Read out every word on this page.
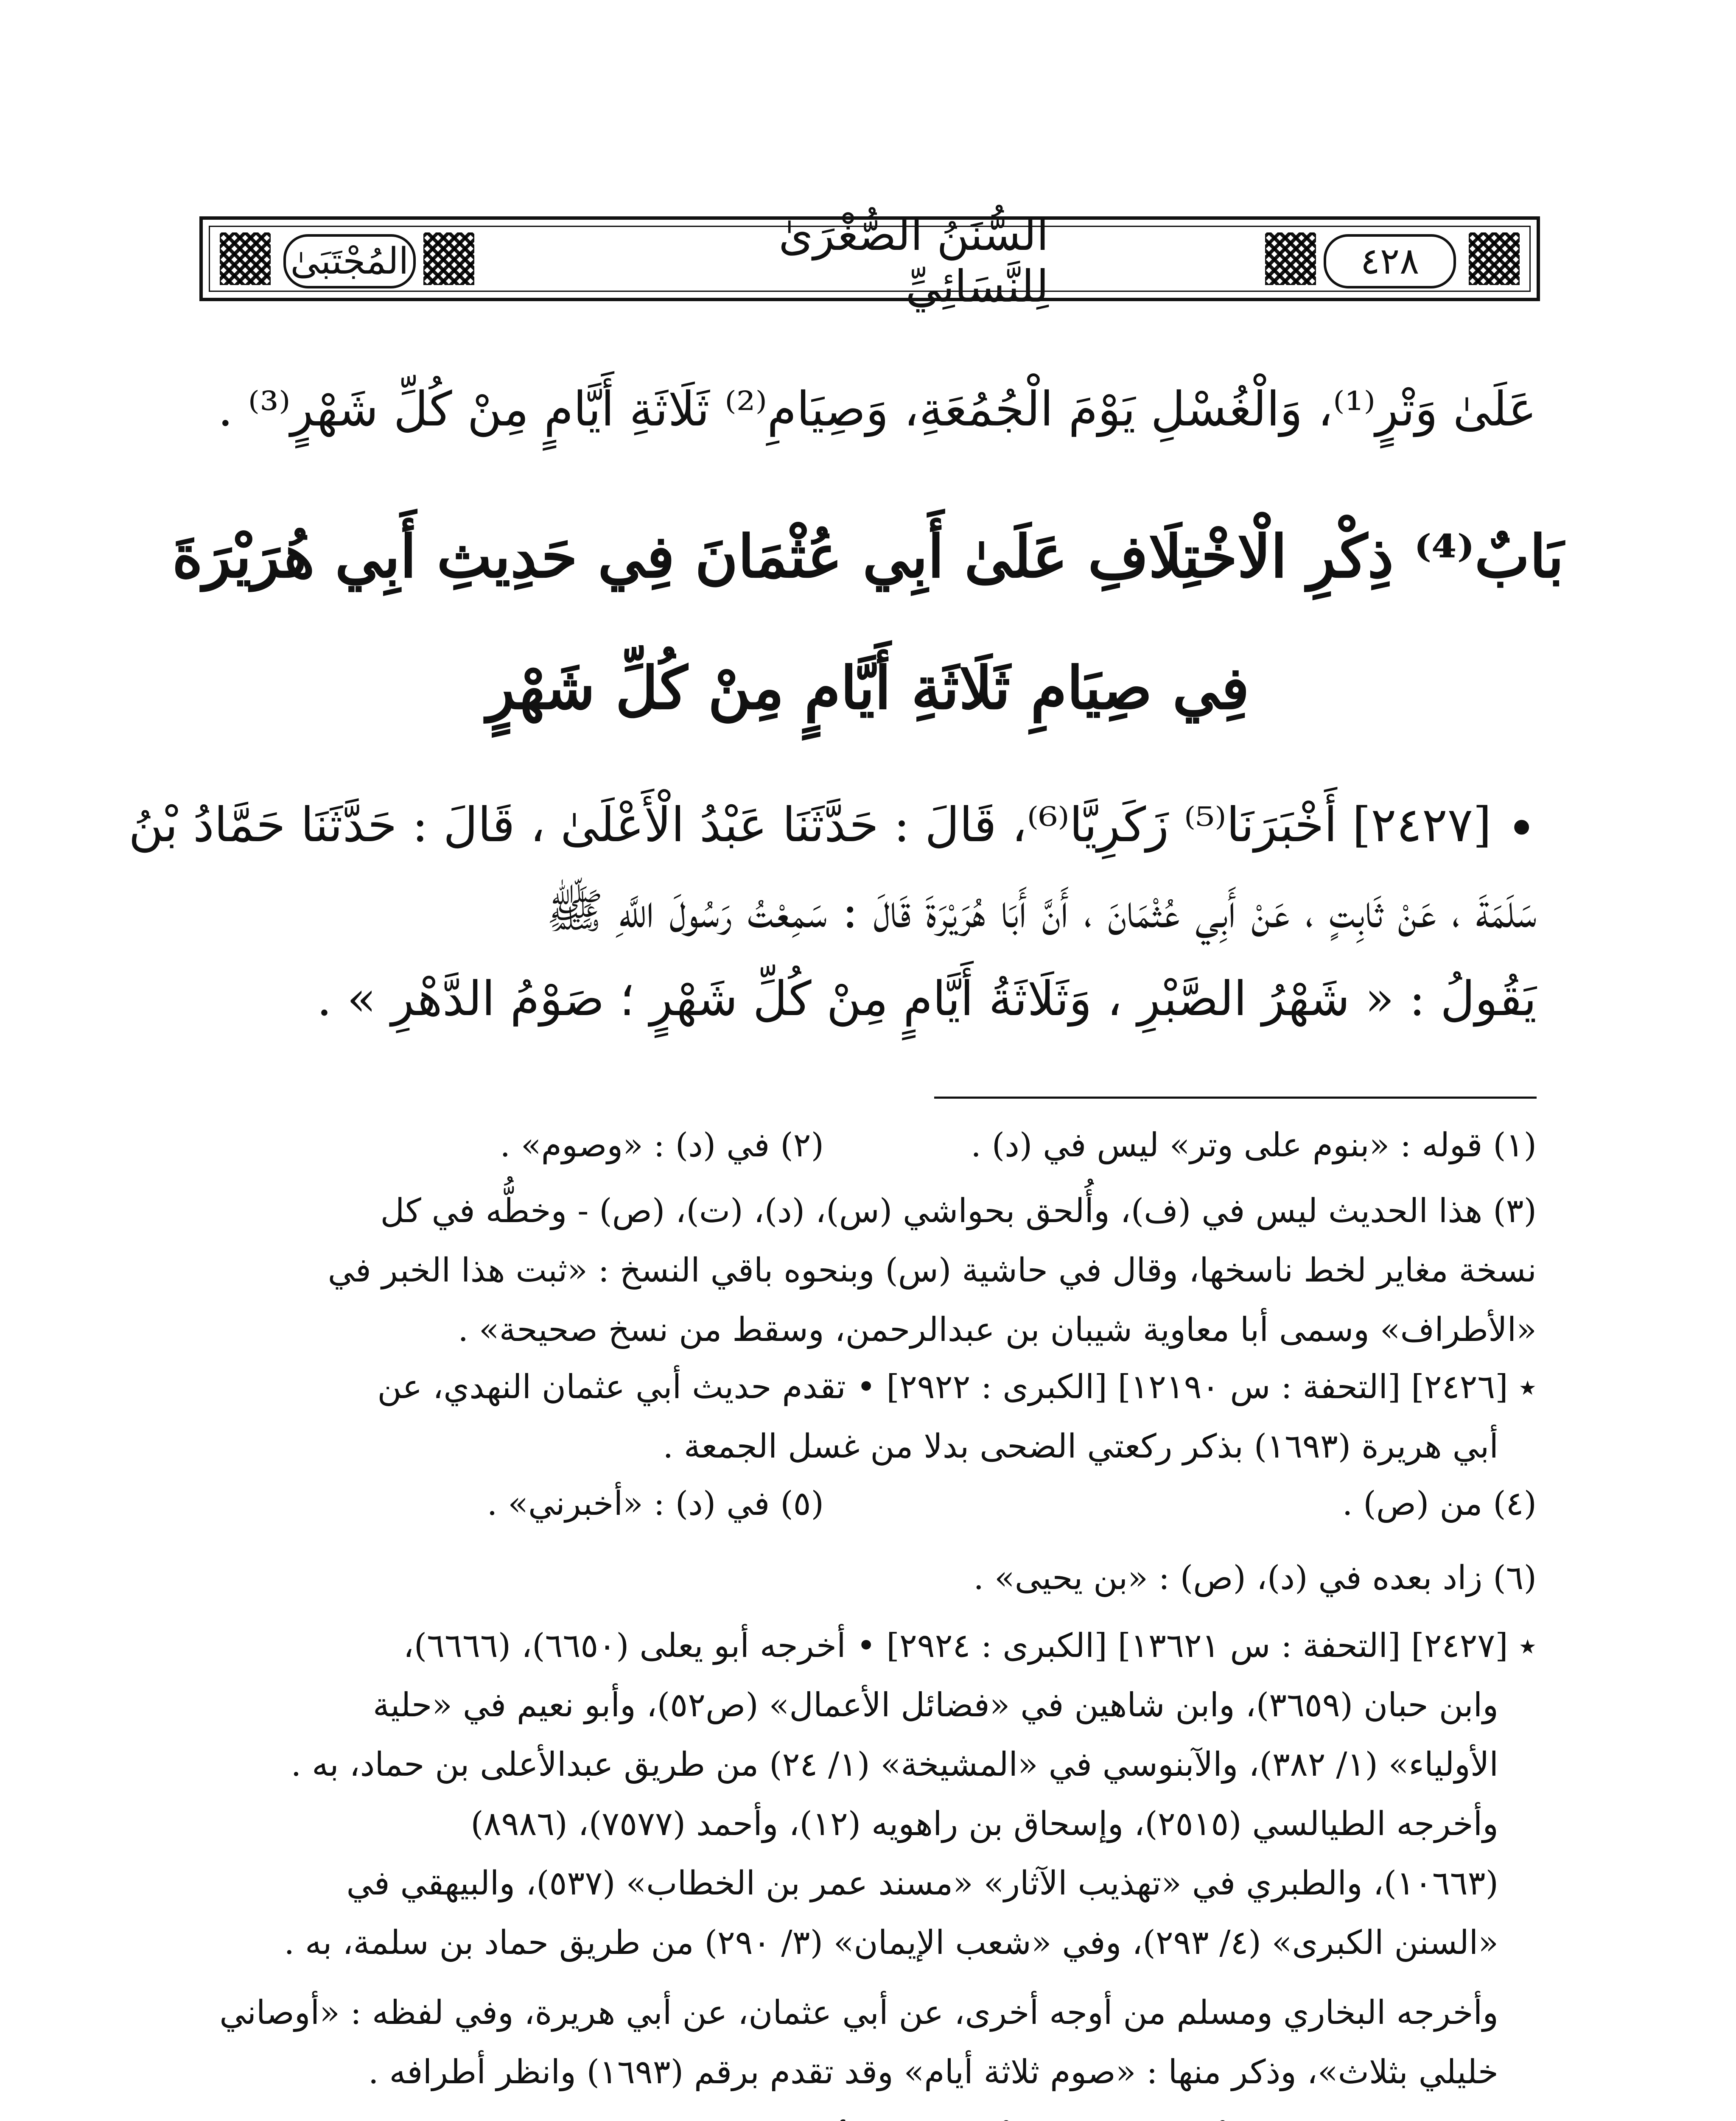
المُجْتَبَىٰ
السُّنَنُ الصُّغْرَىٰ لِلنَّسَائِيِّ	٤٢٨
عَلَىٰ وَتْرٍ⁽¹⁾، وَالْغُسْلِ يَوْمَ الْجُمُعَةِ، وَصِيَامِ⁽²⁾ ثَلَاثَةِ أَيَّامٍ مِنْ كُلِّ شَهْرٍ⁽³⁾ .
بَابٌ⁽⁴⁾ ذِكْرِ الْاخْتِلَافِ عَلَىٰ أَبِي عُثْمَانَ فِي حَدِيثِ أَبِي هُرَيْرَةَ
فِي صِيَامِ ثَلَاثَةِ أَيَّامٍ مِنْ كُلِّ شَهْرٍ
• [٢٤٢٧] أَخْبَرَنَا⁽⁵⁾ زَكَرِيَّا⁽⁶⁾، قَالَ : حَدَّثَنَا عَبْدُ الْأَعْلَىٰ ، قَالَ : حَدَّثَنَا حَمَّادُ بْنُ
سَلَمَةَ ، عَنْ ثَابِتٍ ، عَنْ أَبِي عُثْمَانَ ، أَنَّ أَبَا هُرَيْرَةَ قَالَ : سَمِعْتُ رَسُولَ اللَّهِ ﷺ
يَقُولُ : « شَهْرُ الصَّبْرِ ، وَثَلَاثَةُ أَيَّامٍ مِنْ كُلِّ شَهْرٍ ؛ صَوْمُ الدَّهْرِ » .
(١) قوله : «بنوم على وتر» ليس في (د) .
(٢) في (د) : «وصوم» .
(٣) هذا الحديث ليس في (ف)، وأُلحق بحواشي (س)، (د)، (ت)، (ص) - وخطُّه في كل
نسخة مغاير لخط ناسخها، وقال في حاشية (س) وبنحوه باقي النسخ : «ثبت هذا الخبر في
«الأطراف» وسمى أبا معاوية شيبان بن عبدالرحمن، وسقط من نسخ صحيحة» .
٭ [٢٤٢٦] [التحفة : س ١٢١٩٠] [الكبرى : ٢٩٢٢] • تقدم حديث أبي عثمان النهدي، عن
أبي هريرة (١٦٩٣) بذكر ركعتي الضحى بدلا من غسل الجمعة .
(٤) من (ص) .
(٥) في (د) : «أخبرني» .
(٦) زاد بعده في (د)، (ص) : «بن يحيى» .
٭ [٢٤٢٧] [التحفة : س ١٣٦٢١] [الكبرى : ٢٩٢٤] • أخرجه أبو يعلى (٦٦٥٠)، (٦٦٦٦)،
وابن حبان (٣٦٥٩)، وابن شاهين في «فضائل الأعمال» (ص٥٢)، وأبو نعيم في «حلية
الأولياء» (١/ ٣٨٢)، والآبنوسي في «المشيخة» (١/ ٢٤) من طريق عبدالأعلى بن حماد، به .
وأخرجه الطيالسي (٢٥١٥)، وإسحاق بن راهويه (١٢)، وأحمد (٧٥٧٧)، (٨٩٨٦)
(١٠٦٦٣)، والطبري في «تهذيب الآثار» «مسند عمر بن الخطاب» (٥٣٧)، والبيهقي في
«السنن الكبرى» (٤/ ٢٩٣)، وفي «شعب الإيمان» (٣/ ٢٩٠) من طريق حماد بن سلمة، به .
وأخرجه البخاري ومسلم من أوجه أخرى، عن أبي عثمان، عن أبي هريرة، وفي لفظه : «أوصاني
خليلي بثلاث»، وذكر منها : «صوم ثلاثة أيام» وقد تقدم برقم (١٦٩٣) وانظر أطرافه .
